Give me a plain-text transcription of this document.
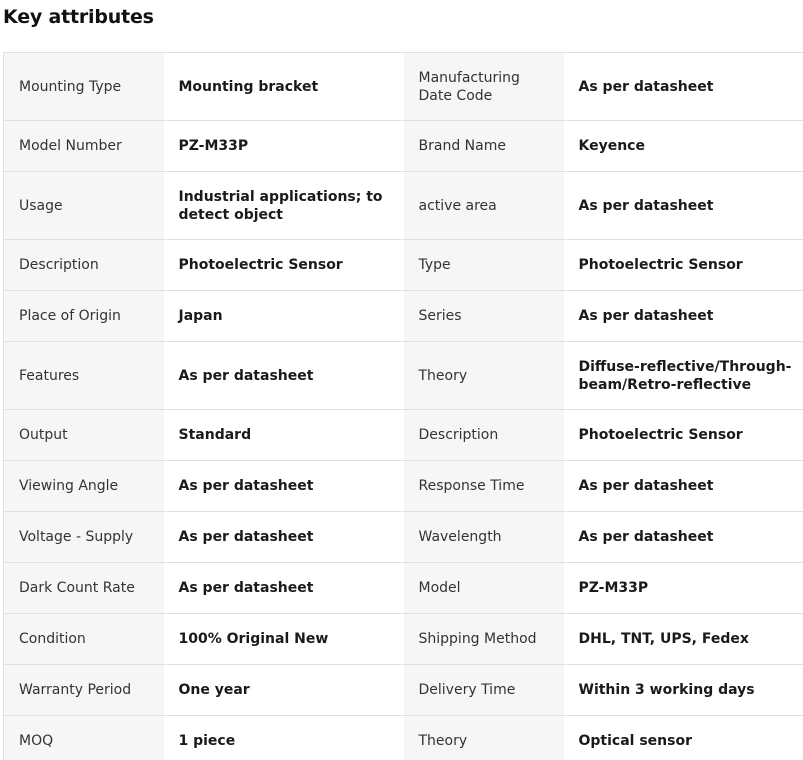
Key attributes
Mounting Type	Mounting bracket	Manufacturing Date Code	As per datasheet
Model Number	PZ-M33P	Brand Name	Keyence
Usage	Industrial applications; to detect object	active area	As per datasheet
Description	Photoelectric Sensor	Type	Photoelectric Sensor
Place of Origin	Japan	Series	As per datasheet
Features	As per datasheet	Theory	Diffuse-reflective/Through-beam/Retro-reflective
Output	Standard	Description	Photoelectric Sensor
Viewing Angle	As per datasheet	Response Time	As per datasheet
Voltage - Supply	As per datasheet	Wavelength	As per datasheet
Dark Count Rate	As per datasheet	Model	PZ-M33P
Condition	100% Original New	Shipping Method	DHL, TNT, UPS, Fedex
Warranty Period	One year	Delivery Time	Within 3 working days
MOQ	1 piece	Theory	Optical sensor
